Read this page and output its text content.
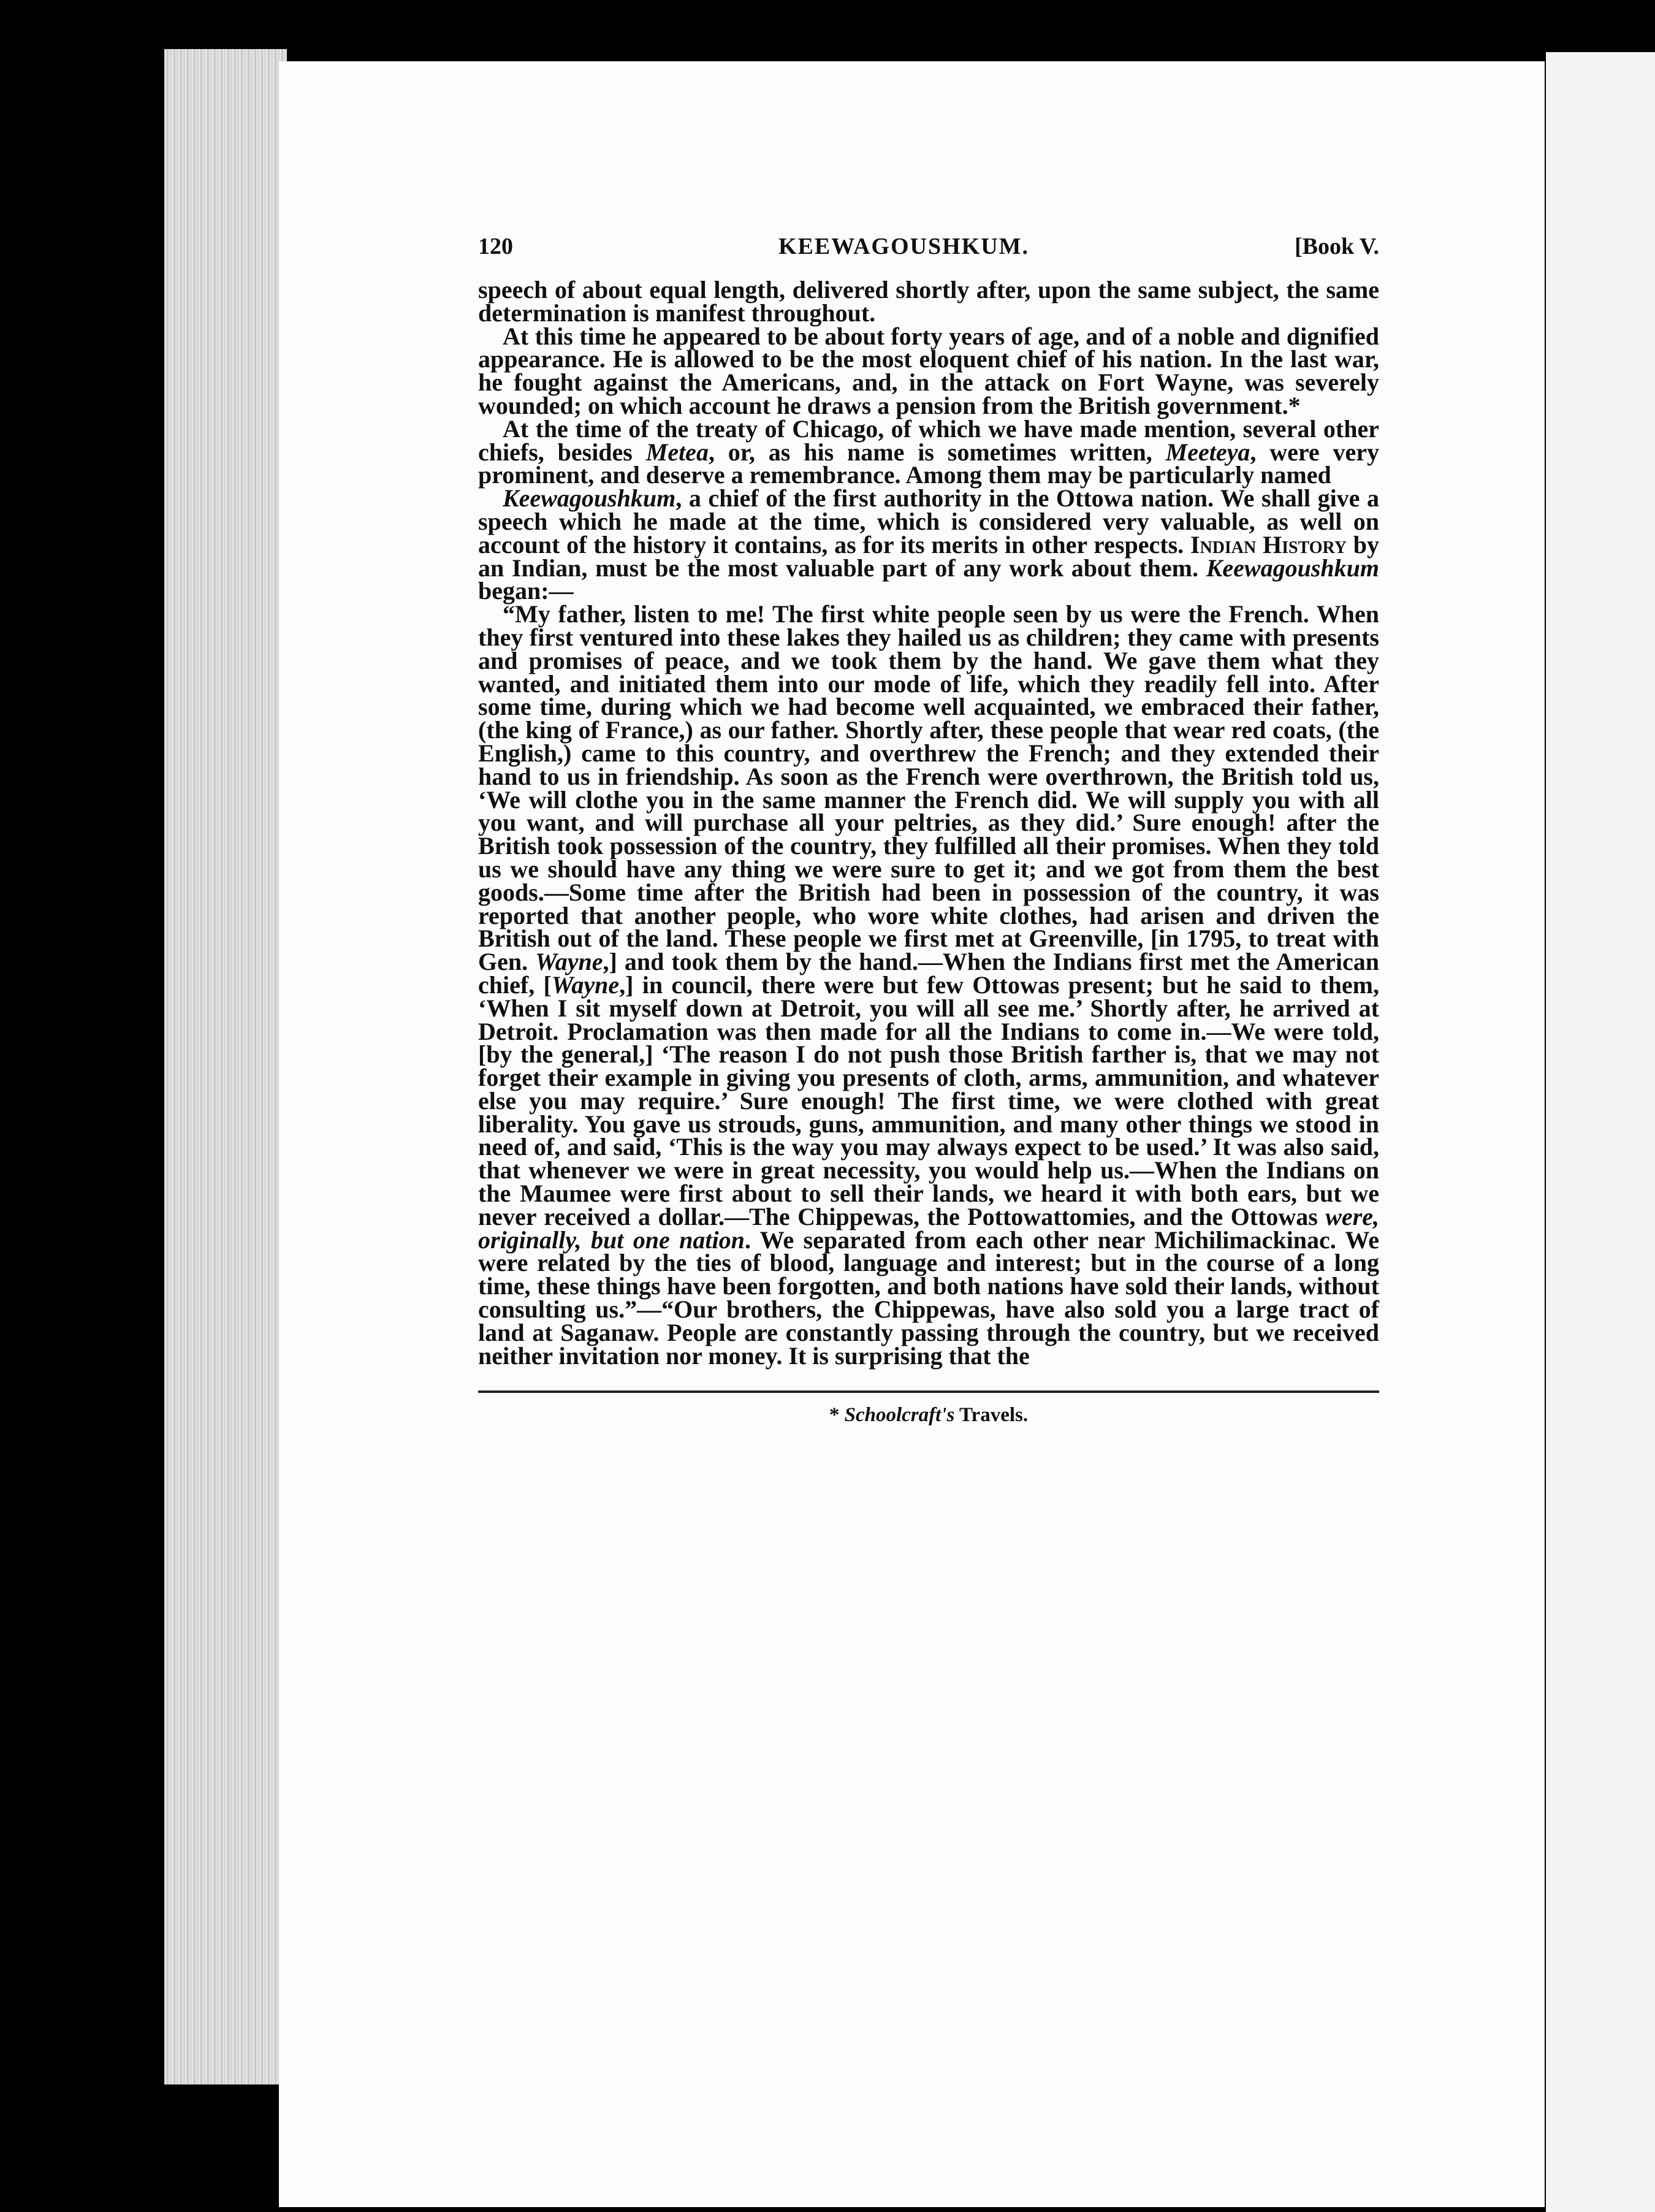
120	KEEWAGOUSHKUM.	[Book V.

speech of about equal length, delivered shortly after, upon the same subject, the same determination is manifest throughout.

At this time he appeared to be about forty years of age, and of a noble and dignified appearance. He is allowed to be the most eloquent chief of his nation. In the last war, he fought against the Americans, and, in the attack on Fort Wayne, was severely wounded; on which account he draws a pension from the British government.*

At the time of the treaty of Chicago, of which we have made mention, several other chiefs, besides Metea, or, as his name is sometimes written, Meeteya, were very prominent, and deserve a remembrance. Among them may be particularly named

Keewagoushkum, a chief of the first authority in the Ottowa nation. We shall give a speech which he made at the time, which is considered very valuable, as well on account of the history it contains, as for its merits in other respects. Indian History by an Indian, must be the most valuable part of any work about them. Keewagoushkum began:—

“My father, listen to me! The first white people seen by us were the French. When they first ventured into these lakes they hailed us as children; they came with presents and promises of peace, and we took them by the hand. We gave them what they wanted, and initiated them into our mode of life, which they readily fell into. After some time, during which we had become well acquainted, we embraced their father, (the king of France,) as our father. Shortly after, these people that wear red coats, (the English,) came to this country, and overthrew the French; and they extended their hand to us in friendship. As soon as the French were overthrown, the British told us, ‘We will clothe you in the same manner the French did. We will supply you with all you want, and will purchase all your peltries, as they did.’ Sure enough! after the British took possession of the country, they fulfilled all their promises. When they told us we should have any thing we were sure to get it; and we got from them the best goods.—Some time after the British had been in possession of the country, it was reported that another people, who wore white clothes, had arisen and driven the British out of the land. These people we first met at Greenville, [in 1795, to treat with Gen. Wayne,] and took them by the hand.—When the Indians first met the American chief, [Wayne,] in council, there were but few Ottowas present; but he said to them, ‘When I sit myself down at Detroit, you will all see me.’ Shortly after, he arrived at Detroit. Proclamation was then made for all the Indians to come in.—We were told, [by the general,] ‘The reason I do not push those British farther is, that we may not forget their example in giving you presents of cloth, arms, ammunition, and whatever else you may require.’ Sure enough! The first time, we were clothed with great liberality. You gave us strouds, guns, ammunition, and many other things we stood in need of, and said, ‘This is the way you may always expect to be used.’ It was also said, that whenever we were in great necessity, you would help us.—When the Indians on the Maumee were first about to sell their lands, we heard it with both ears, but we never received a dollar.—The Chippewas, the Pottowattomies, and the Ottowas were, originally, but one nation. We separated from each other near Michilimackinac. We were related by the ties of blood, language and interest; but in the course of a long time, these things have been forgotten, and both nations have sold their lands, without consulting us.”—“Our brothers, the Chippewas, have also sold you a large tract of land at Saganaw. People are constantly passing through the country, but we received neither invitation nor money. It is surprising that the

* Schoolcraft's Travels.
